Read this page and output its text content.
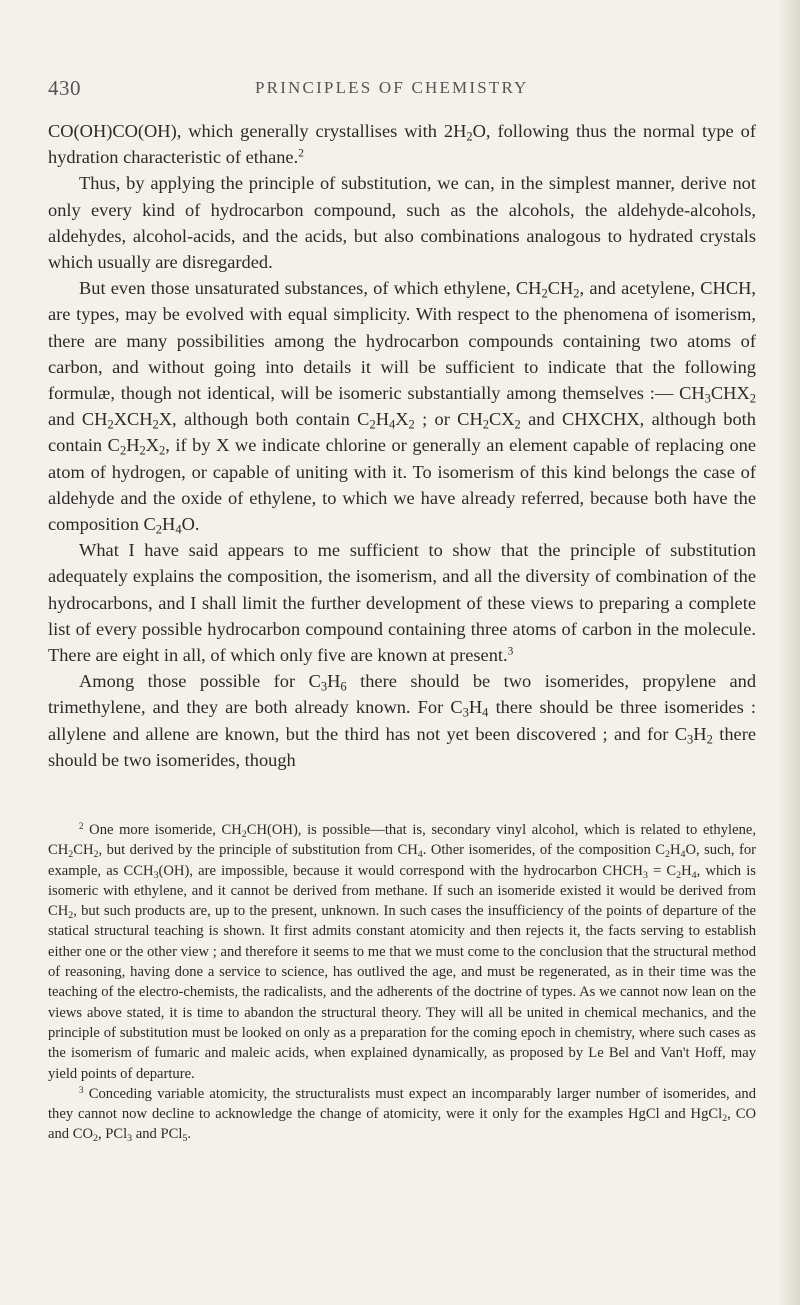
430	PRINCIPLES OF CHEMISTRY

CO(OH)CO(OH), which generally crystallises with $2H_2O$, following thus the normal type of hydration characteristic of ethane.$^2$

Thus, by applying the principle of substitution, we can, in the simplest manner, derive not only every kind of hydrocarbon compound, such as the alcohols, the aldehyde-alcohols, aldehydes, alcohol-acids, and the acids, but also combinations analogous to hydrated crystals which usually are disregarded.

But even those unsaturated substances, of which ethylene, $CH_2CH_2$, and acetylene, CHCH, are types, may be evolved with equal simplicity. With respect to the phenomena of isomerism, there are many possibilities among the hydrocarbon compounds containing two atoms of carbon, and without going into details it will be sufficient to indicate that the following formulæ, though not identical, will be isomeric substantially among themselves :— $CH_3CHX_2$ and $CH_2XCH_2X$, although both contain $C_2H_4X_2$ ; or $CH_2CX_2$ and CHXCHX, although both contain $C_2H_2X_2$, if by X we indicate chlorine or generally an element capable of replacing one atom of hydrogen, or capable of uniting with it. To isomerism of this kind belongs the case of aldehyde and the oxide of ethylene, to which we have already referred, because both have the composition $C_2H_4O$.

What I have said appears to me sufficient to show that the principle of substitution adequately explains the composition, the isomerism, and all the diversity of combination of the hydrocarbons, and I shall limit the further development of these views to preparing a complete list of every possible hydrocarbon compound containing three atoms of carbon in the molecule. There are eight in all, of which only five are known at present.$^3$

Among those possible for $C_3H_6$ there should be two isomerides, propylene and trimethylene, and they are both already known. For $C_3H_4$ there should be three isomerides : allylene and allene are known, but the third has not yet been discovered ; and for $C_3H_2$ there should be two isomerides, though

$^2$ One more isomeride, $CH_2CH(OH)$, is possible—that is, secondary vinyl alcohol, which is related to ethylene, $CH_2CH_2$, but derived by the principle of substitution from $CH_4$. Other isomerides, of the composition $C_2H_4O$, such, for example, as $CCH_3(OH)$, are impossible, because it would correspond with the hydrocarbon $CHCH_3 = C_2H_4$, which is isomeric with ethylene, and it cannot be derived from methane. If such an isomeride existed it would be derived from $CH_2$, but such products are, up to the present, unknown. In such cases the insufficiency of the points of departure of the statical structural teaching is shown. It first admits constant atomicity and then rejects it, the facts serving to establish either one or the other view ; and therefore it seems to me that we must come to the conclusion that the structural method of reasoning, having done a service to science, has outlived the age, and must be regenerated, as in their time was the teaching of the electro-chemists, the radicalists, and the adherents of the doctrine of types. As we cannot now lean on the views above stated, it is time to abandon the structural theory. They will all be united in chemical mechanics, and the principle of substitution must be looked on only as a preparation for the coming epoch in chemistry, where such cases as the isomerism of fumaric and maleic acids, when explained dynamically, as proposed by Le Bel and Van't Hoff, may yield points of departure.

$^3$ Conceding variable atomicity, the structuralists must expect an incomparably larger number of isomerides, and they cannot now decline to acknowledge the change of atomicity, were it only for the examples HgCl and HgCl$_2$, CO and $CO_2$, PCl$_3$ and PCl$_5$.
